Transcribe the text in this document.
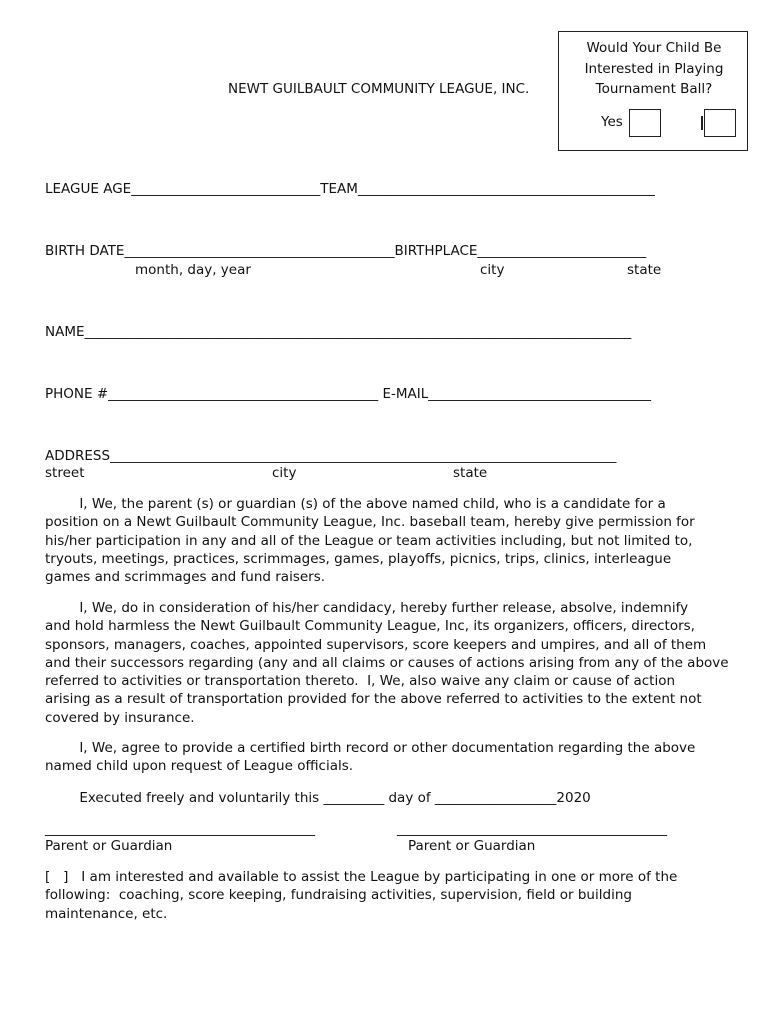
NEWT GUILBAULT COMMUNITY LEAGUE, INC.
Would Your Child Be
Interested in Playing
Tournament Ball?
Yes
LEAGUE AGE____________________________TEAM____________________________________________
BIRTH DATE________________________________________BIRTHPLACE_________________________
month, day, year	city	state
NAME_________________________________________________________________________________
PHONE #________________________________________ E-MAIL_________________________________
ADDRESS___________________________________________________________________________
street	city	state
I, We, the parent (s) or guardian (s) of the above named child, who is a candidate for a
position on a Newt Guilbault Community League, Inc. baseball team, hereby give permission for
his/her participation in any and all of the League or team activities including, but not limited to,
tryouts, meetings, practices, scrimmages, games, playoffs, picnics, trips, clinics, interleague
games and scrimmages and fund raisers.
I, We, do in consideration of his/her candidacy, hereby further release, absolve, indemnify
and hold harmless the Newt Guilbault Community League, Inc, its organizers, officers, directors,
sponsors, managers, coaches, appointed supervisors, score keepers and umpires, and all of them
and their successors regarding (any and all claims or causes of actions arising from any of the above
referred to activities or transportation thereto.  I, We, also waive any claim or cause of action
arising as a result of transportation provided for the above referred to activities to the extent not
covered by insurance.
I, We, agree to provide a certified birth record or other documentation regarding the above
named child upon request of League officials.
Executed freely and voluntarily this _________ day of __________________2020
________________________________________	________________________________________
Parent or Guardian	Parent or Guardian
[   ]   I am interested and available to assist the League by participating in one or more of the
following:  coaching, score keeping, fundraising activities, supervision, field or building
maintenance, etc.
